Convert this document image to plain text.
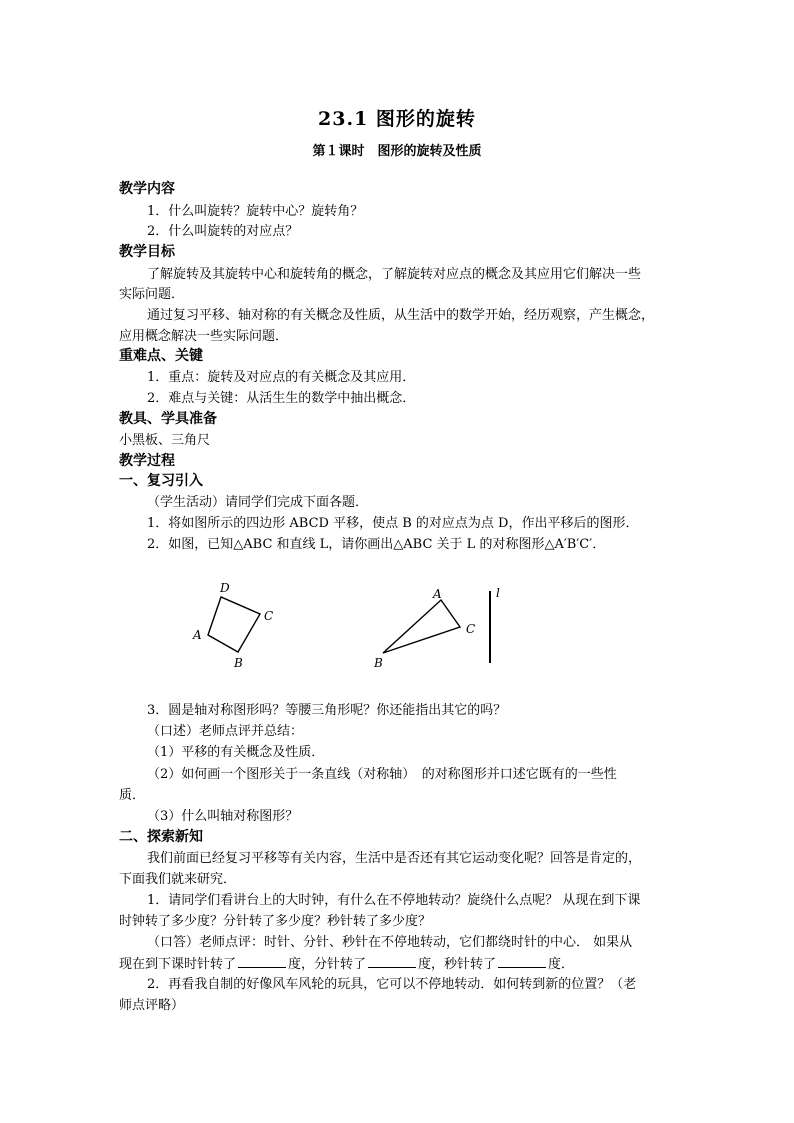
23.1 图形的旋转
第１课时　图形的旋转及性质
教学内容
1．什么叫旋转？旋转中心？旋转角？
2．什么叫旋转的对应点？
教学目标
了解旋转及其旋转中心和旋转角的概念，了解旋转对应点的概念及其应用它们解决一些
实际问题．
通过复习平移、轴对称的有关概念及性质，从生活中的数学开始，经历观察，产生概念，
应用概念解决一些实际问题．
重难点、关键
1．重点：旋转及对应点的有关概念及其应用．
2．难点与关键：从活生生的数学中抽出概念．
教具、学具准备
小黑板、三角尺
教学过程
一、复习引入
（学生活动）请同学们完成下面各题．
1．将如图所示的四边形 ABCD 平移，使点 B 的对应点为点 D，作出平移后的图形．
2．如图，已知△ABC 和直线 L，请你画出△ABC 关于 L 的对称图形△A′B′C′．
D
C
A
B
A
C
B
l
3．圆是轴对称图形吗？等腰三角形呢？你还能指出其它的吗？
（口述）老师点评并总结：
（1）平移的有关概念及性质．
（2）如何画一个图形关于一条直线（对称轴）　的对称图形并口述它既有的一些性
质．
（3）什么叫轴对称图形？
二、探索新知
我们前面已经复习平移等有关内容，生活中是否还有其它运动变化呢？回答是肯定的，
下面我们就来研究．
1．请同学们看讲台上的大时钟，有什么在不停地转动？旋绕什么点呢？ 从现在到下课
时钟转了多少度？分针转了多少度？秒针转了多少度？
（口答）老师点评：时针、分针、秒针在不停地转动，它们都绕时针的中心． 如果从
现在到下课时针转了	度，分针转了	度，秒针转了	度．
2．再看我自制的好像风车风轮的玩具，它可以不停地转动．如何转到新的位置？（老
师点评略）
